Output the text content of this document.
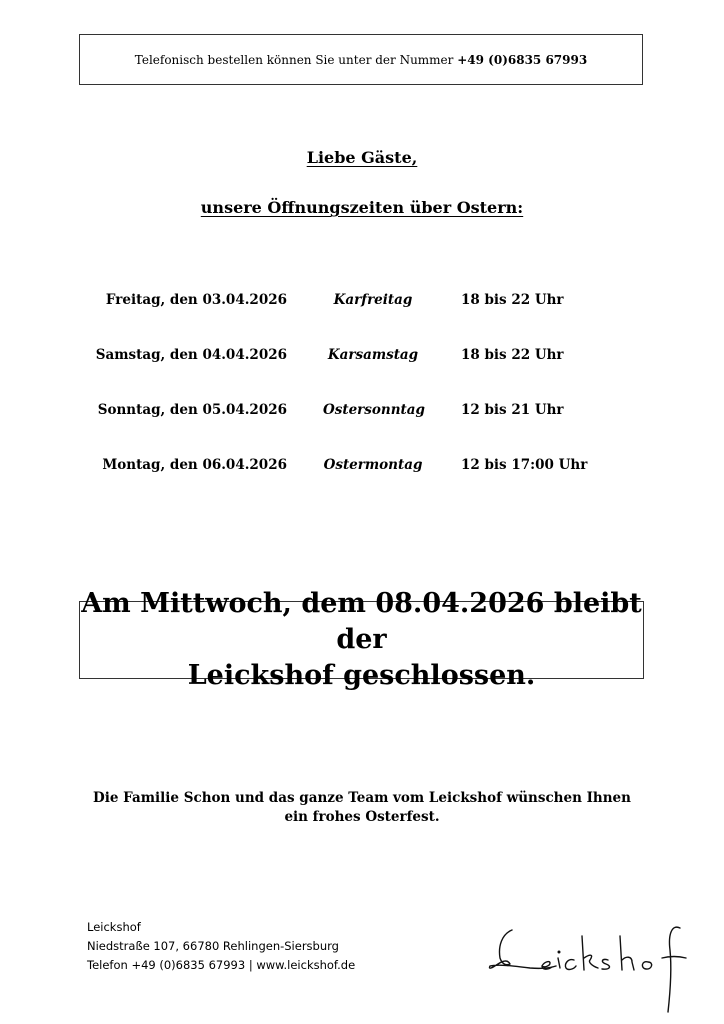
Telefonisch bestellen können Sie unter der Nummer
+49 (0)6835 67993
Liebe Gäste,
unsere Öffnungszeiten über Ostern:
Freitag, den 03.04.2026	Karfreitag	18 bis 22 Uhr
Samstag, den 04.04.2026	Karsamstag	18 bis 22 Uhr
Sonntag, den 05.04.2026	Ostersonntag	12 bis 21 Uhr
Montag, den 06.04.2026	Ostermontag	12 bis 17:00 Uhr
Am Mittwoch, dem 08.04.2026 bleibt der
Leickshof geschlossen.
Die Familie Schon und das ganze Team vom Leickshof wünschen Ihnen
ein frohes Osterfest.
Leickshof
Niedstraße 107, 66780 Rehlingen-Siersburg
Telefon +49 (0)6835 67993 | www.leickshof.de
